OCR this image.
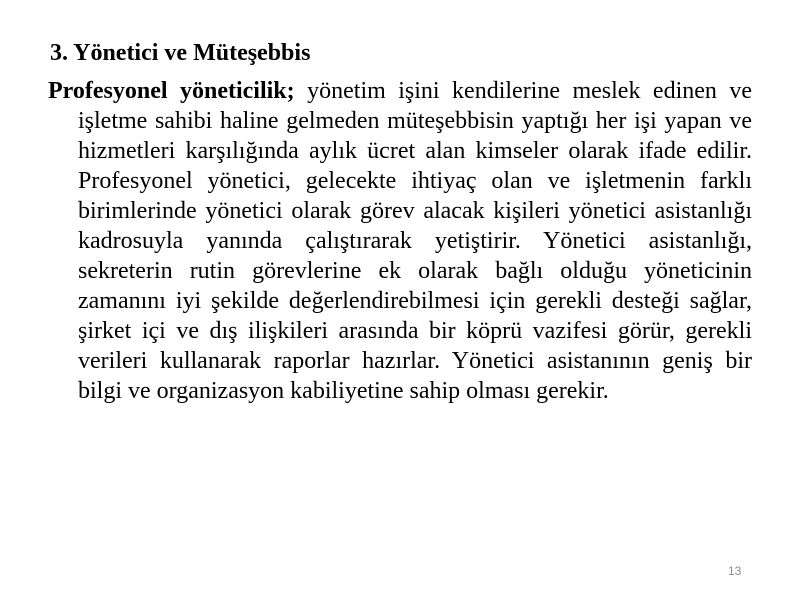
3. Yönetici ve Müteşebbis
Profesyonel yöneticilik; yönetim işini kendilerine meslek edinen ve işletme sahibi haline gelmeden müteşebbisin yaptığı her işi yapan ve hizmetleri karşılığında aylık ücret alan kimseler olarak ifade edilir. Profesyonel yönetici, gelecekte ihtiyaç olan ve işletmenin farklı birimlerinde yönetici olarak görev alacak kişileri yönetici asistanlığı kadrosuyla yanında çalıştırarak yetiştirir. Yönetici asistanlığı, sekreterin rutin görevlerine ek olarak bağlı olduğu yöneticinin zamanını iyi şekilde değerlendirebilmesi için gerekli desteği sağlar, şirket içi ve dış ilişkileri arasında bir köprü vazifesi görür, gerekli verileri kullanarak raporlar hazırlar. Yönetici asistanının geniş bir bilgi ve organizasyon kabiliyetine sahip olması gerekir.
13
